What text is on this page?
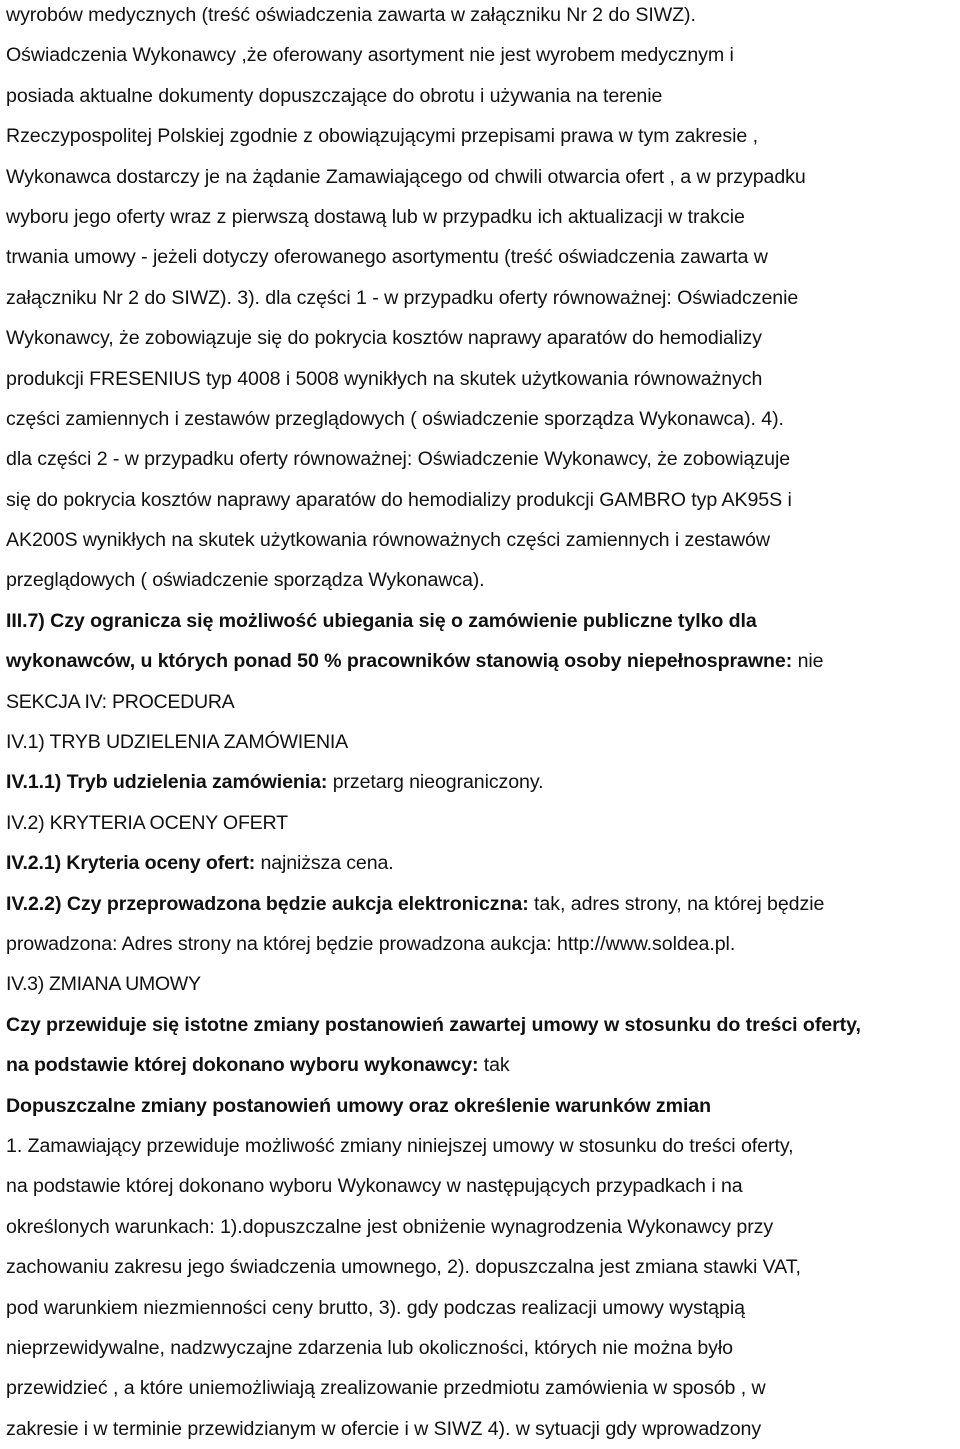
wyrobów medycznych (treść oświadczenia zawarta w załączniku Nr 2 do SIWZ).
Oświadczenia Wykonawcy ,że oferowany asortyment nie jest wyrobem medycznym i
posiada aktualne dokumenty dopuszczające do obrotu i używania na terenie
Rzeczypospolitej Polskiej zgodnie z obowiązującymi przepisami prawa w tym zakresie ,
Wykonawca dostarczy je na żądanie Zamawiającego od chwili otwarcia ofert , a w przypadku
wyboru jego oferty wraz z pierwszą dostawą lub w przypadku ich aktualizacji w trakcie
trwania umowy - jeżeli dotyczy oferowanego asortymentu (treść oświadczenia zawarta w
załączniku Nr 2 do SIWZ). 3). dla części 1 - w przypadku oferty równoważnej: Oświadczenie
Wykonawcy, że zobowiązuje się do pokrycia kosztów naprawy aparatów do hemodializy
produkcji FRESENIUS typ 4008 i 5008 wynikłych na skutek użytkowania równoważnych
części zamiennych i zestawów przeglądowych ( oświadczenie sporządza Wykonawca). 4).
dla części 2 - w przypadku oferty równoważnej: Oświadczenie Wykonawcy, że zobowiązuje
się do pokrycia kosztów naprawy aparatów do hemodializy produkcji GAMBRO typ AK95S i
AK200S wynikłych na skutek użytkowania równoważnych części zamiennych i zestawów
przeglądowych ( oświadczenie sporządza Wykonawca).
III.7) Czy ogranicza się możliwość ubiegania się o zamówienie publiczne tylko dla
wykonawców, u których ponad 50 % pracowników stanowią osoby niepełnosprawne: nie
SEKCJA IV: PROCEDURA
IV.1) TRYB UDZIELENIA ZAMÓWIENIA
IV.1.1) Tryb udzielenia zamówienia: przetarg nieograniczony.
IV.2) KRYTERIA OCENY OFERT
IV.2.1) Kryteria oceny ofert: najniższa cena.
IV.2.2) Czy przeprowadzona będzie aukcja elektroniczna: tak, adres strony, na której będzie
prowadzona: Adres strony na której będzie prowadzona aukcja: http://www.soldea.pl.
IV.3) ZMIANA UMOWY
Czy przewiduje się istotne zmiany postanowień zawartej umowy w stosunku do treści oferty,
na podstawie której dokonano wyboru wykonawcy: tak
Dopuszczalne zmiany postanowień umowy oraz określenie warunków zmian
1. Zamawiający przewiduje możliwość zmiany niniejszej umowy w stosunku do treści oferty,
na podstawie której dokonano wyboru Wykonawcy w następujących przypadkach i na
określonych warunkach: 1).dopuszczalne jest obniżenie wynagrodzenia Wykonawcy przy
zachowaniu zakresu jego świadczenia umownego, 2). dopuszczalna jest zmiana stawki VAT,
pod warunkiem niezmienności ceny brutto, 3). gdy podczas realizacji umowy wystąpią
nieprzewidywalne, nadzwyczajne zdarzenia lub okoliczności, których nie można było
przewidzieć , a które uniemożliwiają zrealizowanie przedmiotu zamówienia w sposób , w
zakresie i w terminie przewidzianym w ofercie i w SIWZ 4). w sytuacji gdy wprowadzony
